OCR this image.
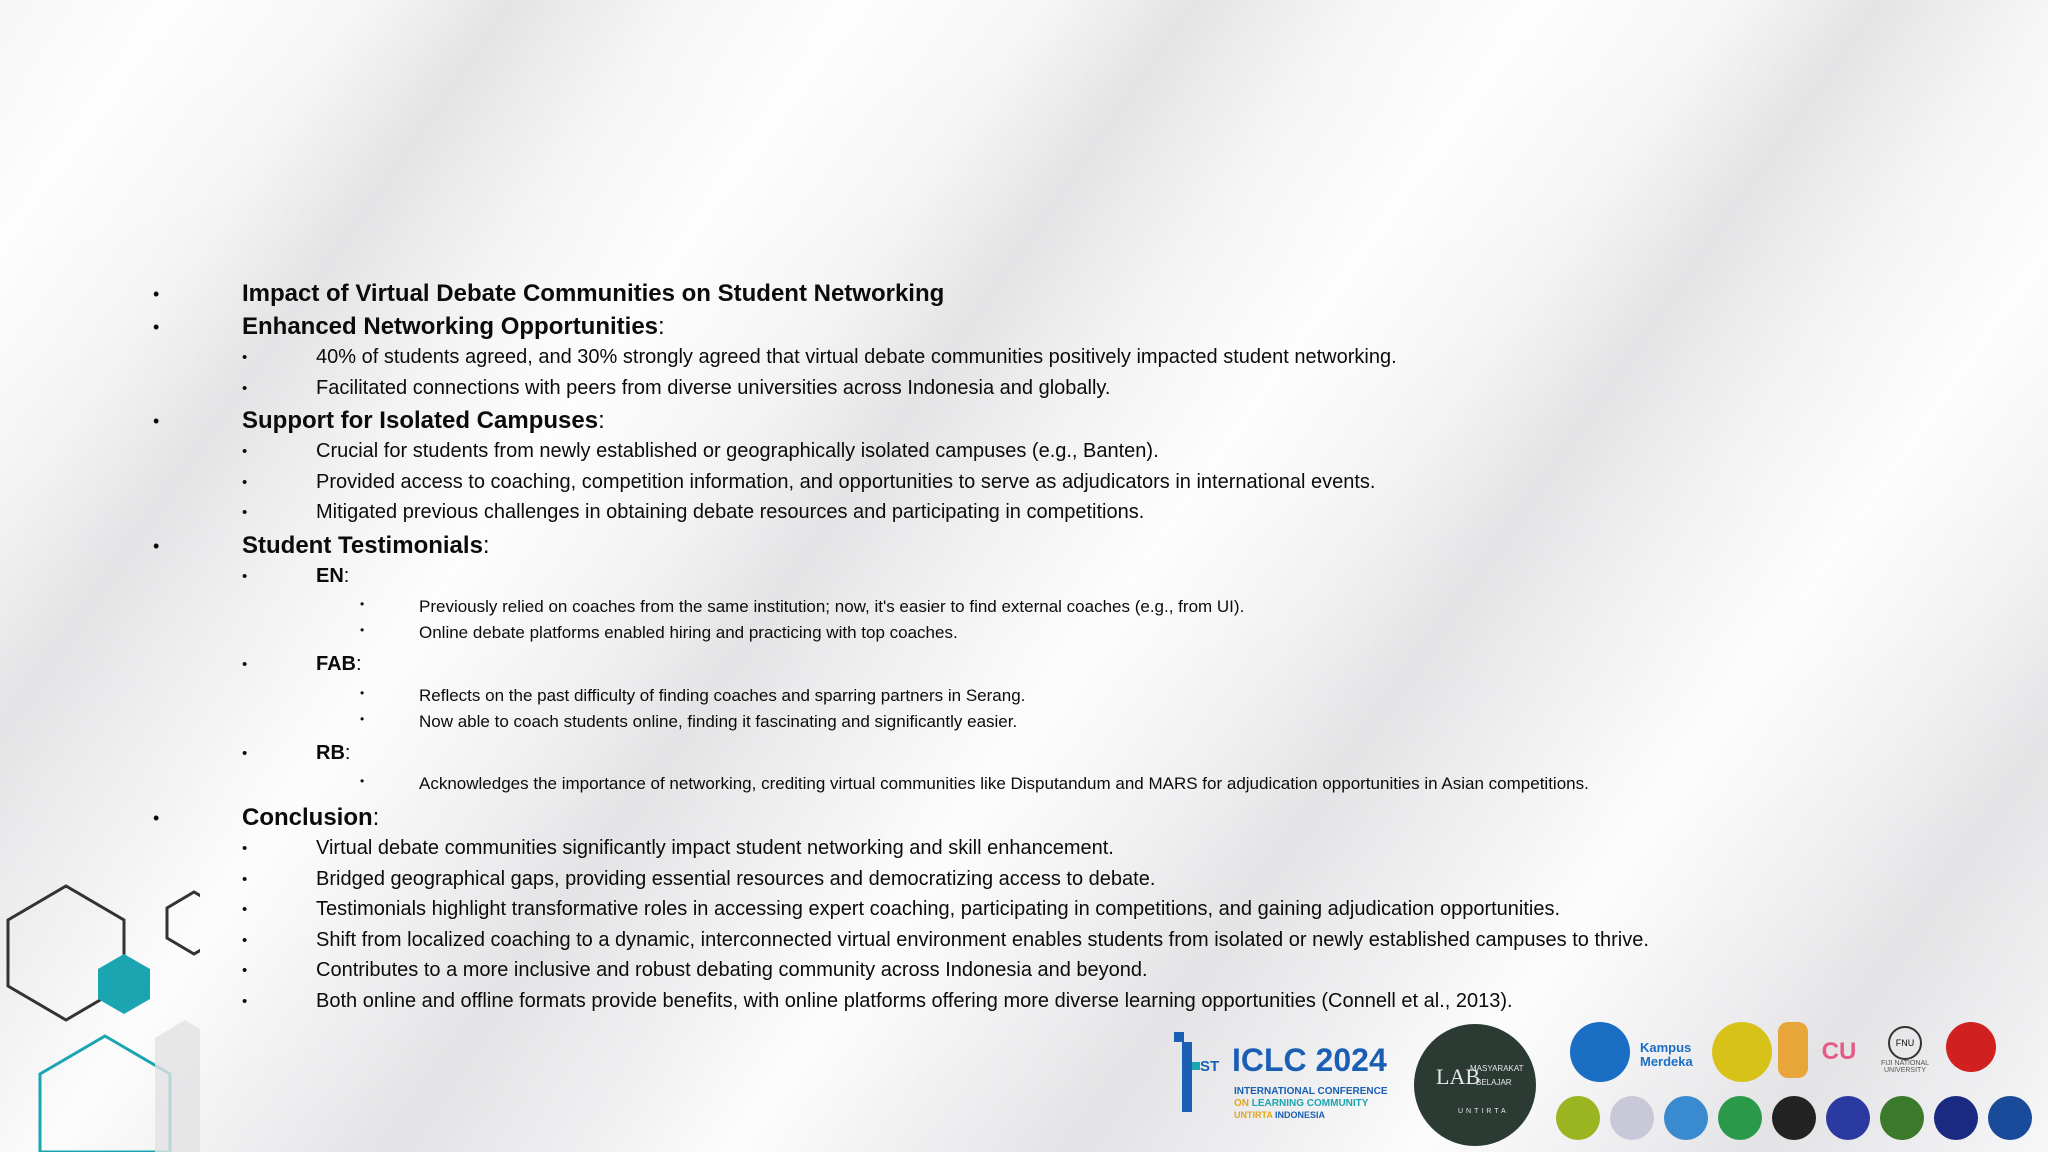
•	Impact of Virtual Debate Communities on Student Networking
•	Enhanced Networking Opportunities:
•	40% of students agreed, and 30% strongly agreed that virtual debate communities positively impacted student networking.
•	Facilitated connections with peers from diverse universities across Indonesia and globally.
•	Support for Isolated Campuses:
•	Crucial for students from newly established or geographically isolated campuses (e.g., Banten).
•	Provided access to coaching, competition information, and opportunities to serve as adjudicators in international events.
•	Mitigated previous challenges in obtaining debate resources and participating in competitions.
•	Student Testimonials:
•	EN:
•	Previously relied on coaches from the same institution; now, it's easier to find external coaches (e.g., from UI).
•	Online debate platforms enabled hiring and practicing with top coaches.
•	FAB:
•	Reflects on the past difficulty of finding coaches and sparring partners in Serang.
•	Now able to coach students online, finding it fascinating and significantly easier.
•	RB:
•	Acknowledges the importance of networking, crediting virtual communities like Disputandum and MARS for adjudication opportunities in Asian competitions.
•	Conclusion:
•	Virtual debate communities significantly impact student networking and skill enhancement.
•	Bridged geographical gaps, providing essential resources and democratizing access to debate.
•	Testimonials highlight transformative roles in accessing expert coaching, participating in competitions, and gaining adjudication opportunities.
•	Shift from localized coaching to a dynamic, interconnected virtual environment enables students from isolated or newly established campuses to thrive.
•	Contributes to a more inclusive and robust debating community across Indonesia and beyond.
•	Both online and offline formats provide benefits, with online platforms offering more diverse learning opportunities (Connell et al., 2013).
ST ICLC 2024
INTERNATIONAL CONFERENCE
ON LEARNING COMMUNITY
UNTIRTA INDONESIA
LAB
MASYARAKAT
BELAJAR
UNTIRTA
Kampus
Merdeka	CU	FNU
FIJI NATIONAL
UNIVERSITY
